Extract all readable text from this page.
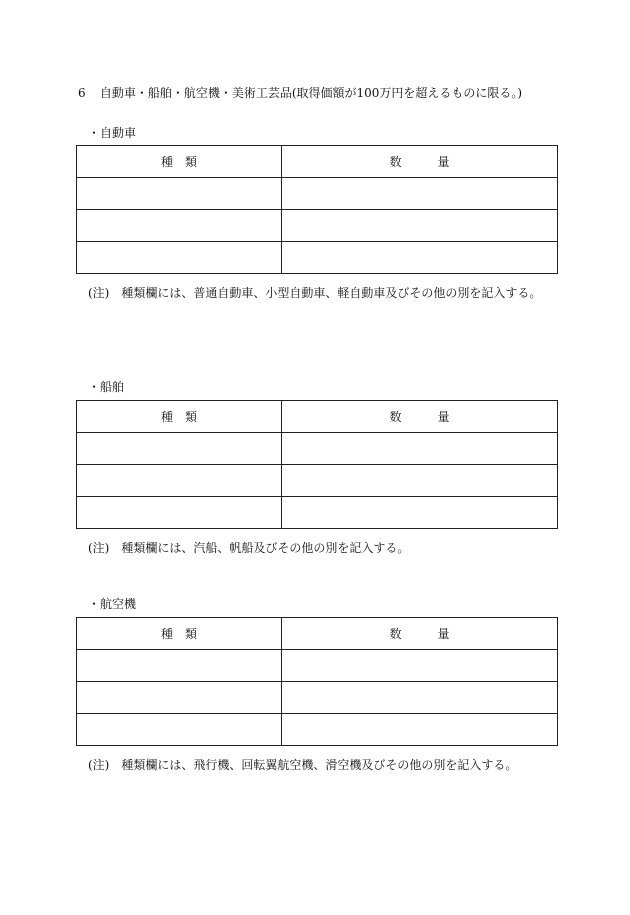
6 自動車・船舶・航空機・美術工芸品(取得価額が100万円を超えるものに限る。)
・自動車
種　類	数　　　量

(注) 種類欄には、普通自動車、小型自動車、軽自動車及びその他の別を記入する。
・船舶
種　類	数　　　量

(注) 種類欄には、汽船、帆船及びその他の別を記入する。
・航空機
種　類	数　　　量

(注) 種類欄には、飛行機、回転翼航空機、滑空機及びその他の別を記入する。
